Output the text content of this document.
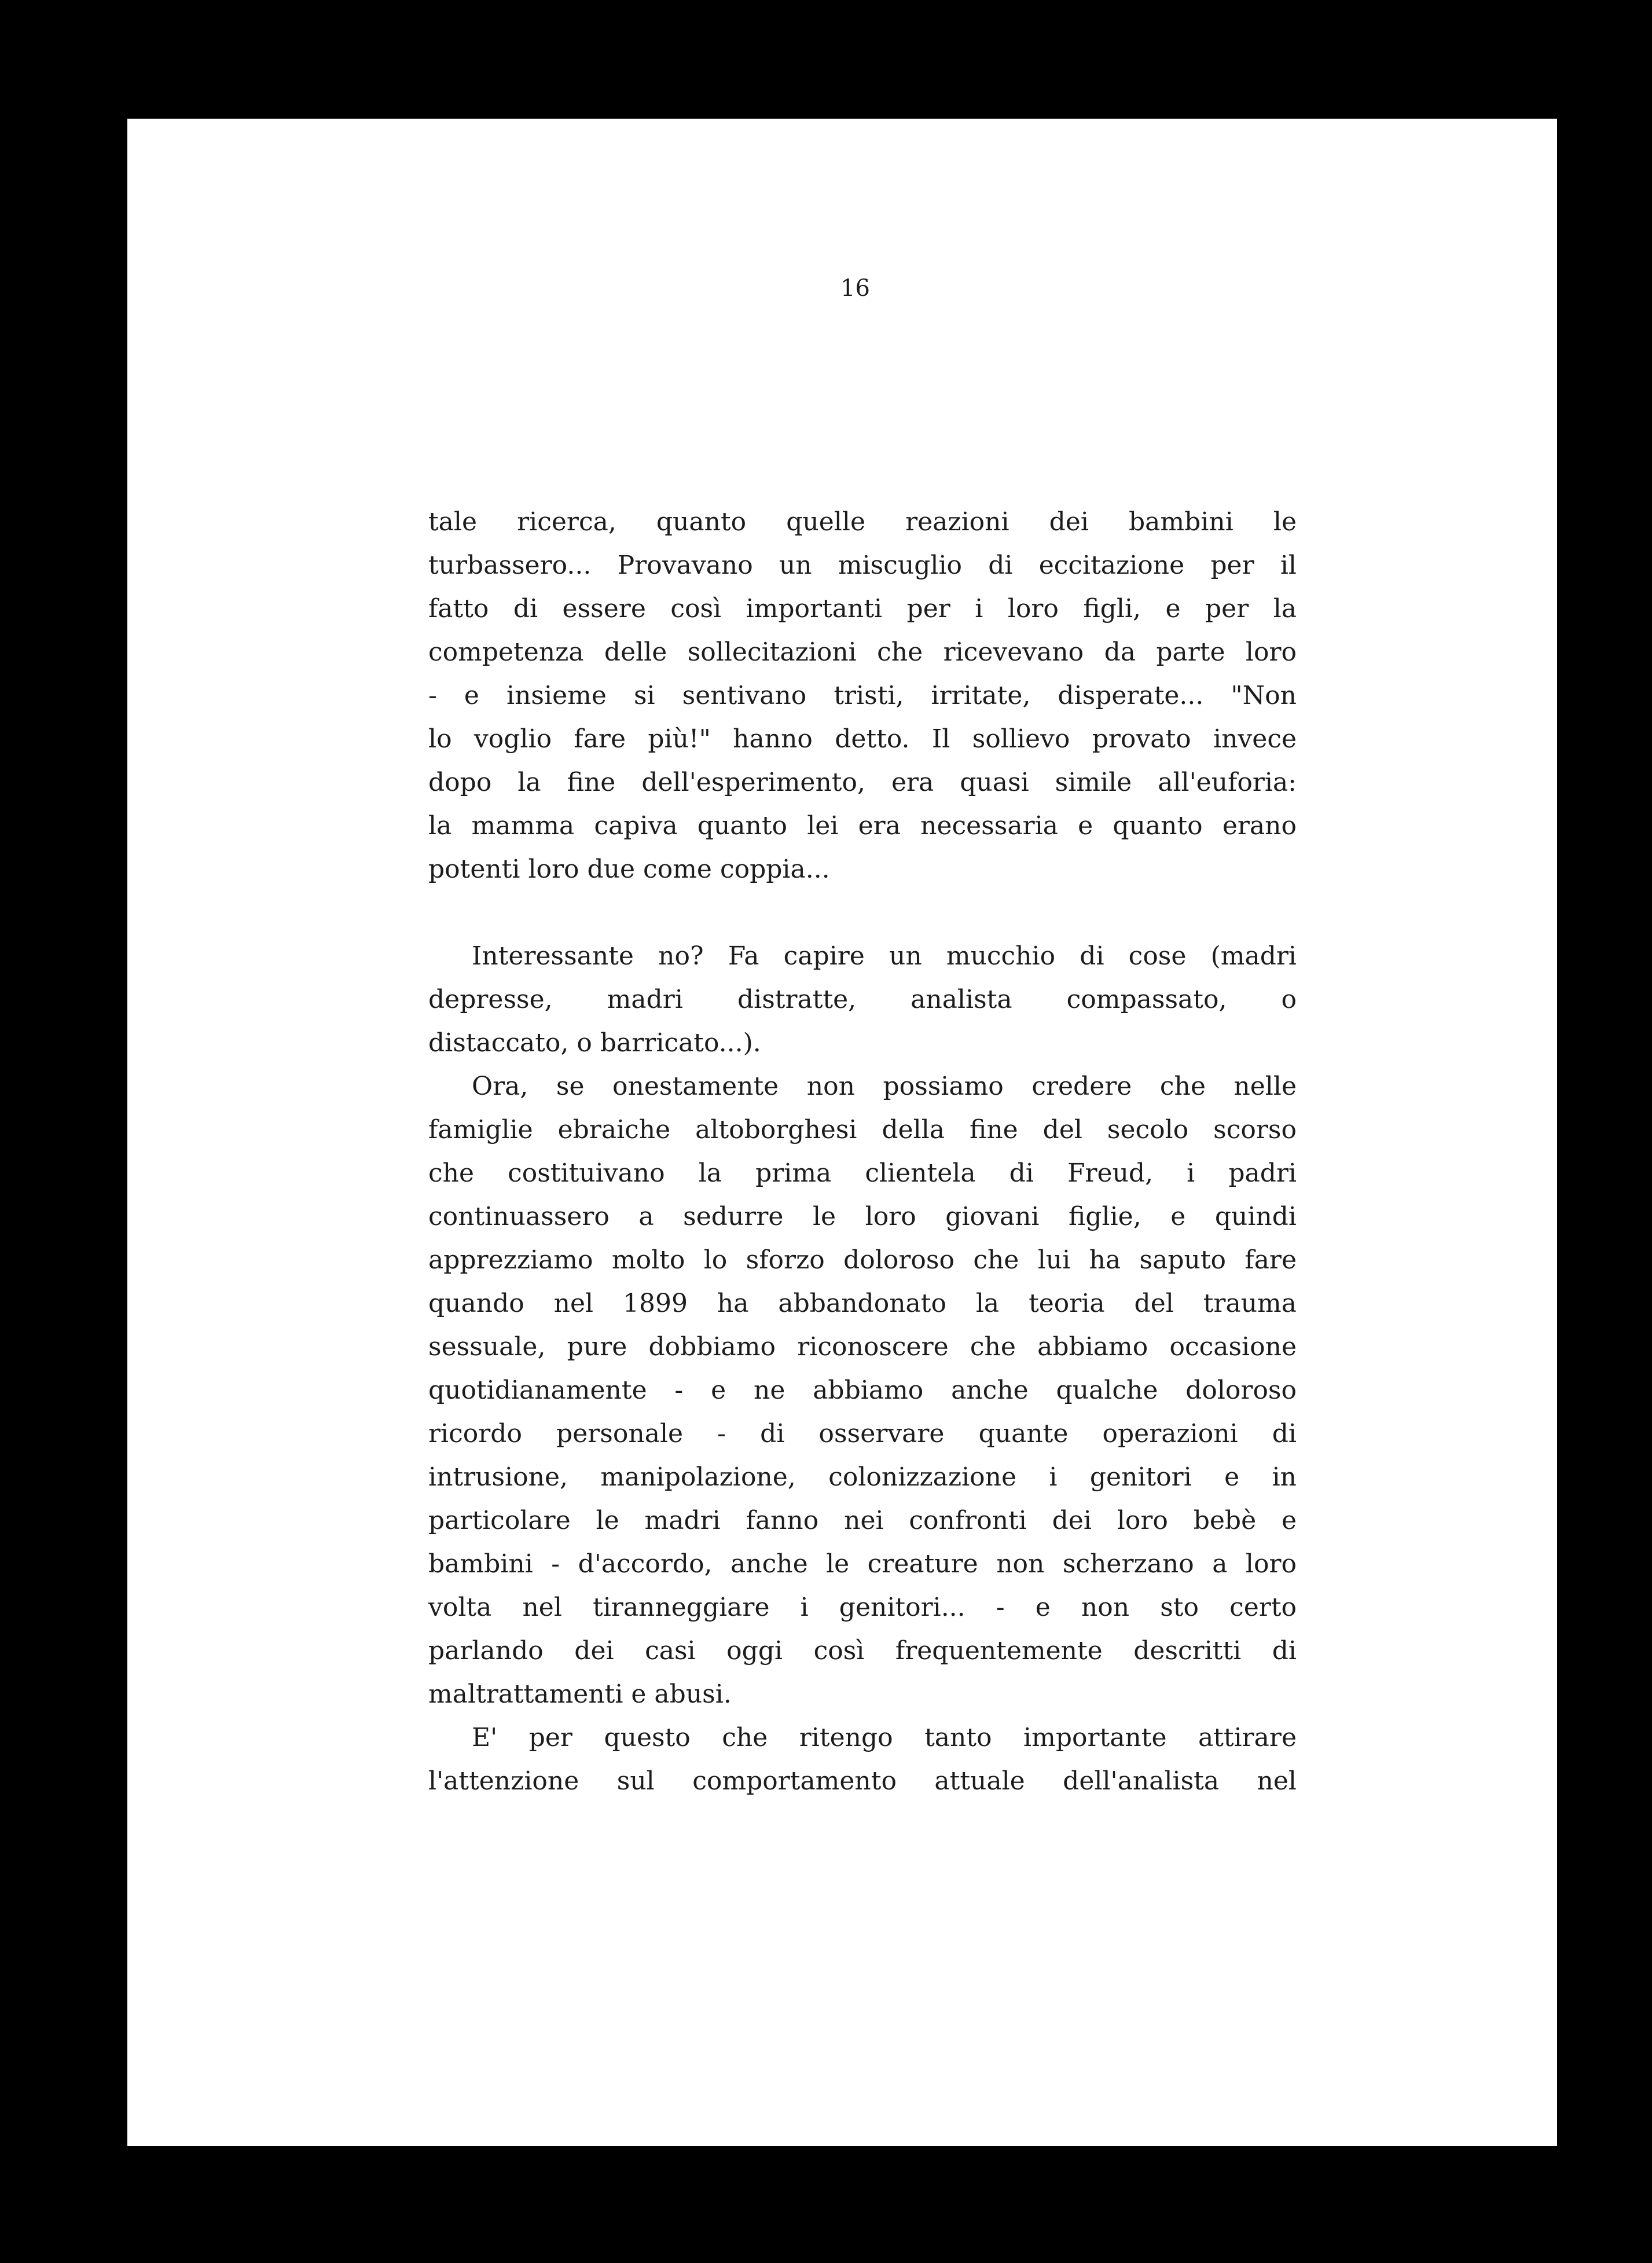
16
tale ricerca, quanto quelle reazioni dei bambini le
turbassero... Provavano un miscuglio di eccitazione per il
fatto di essere così importanti per i loro figli, e per la
competenza delle sollecitazioni che ricevevano da parte loro
- e insieme si sentivano tristi, irritate, disperate... "Non
lo voglio fare più!" hanno detto. Il sollievo provato invece
dopo la fine dell'esperimento, era quasi simile all'euforia:
la mamma capiva quanto lei era necessaria e quanto erano
potenti loro due come coppia...
Interessante no? Fa capire un mucchio di cose (madri
depresse, madri distratte, analista compassato, o
distaccato, o barricato...).
Ora, se onestamente non possiamo credere che nelle
famiglie ebraiche altoborghesi della fine del secolo scorso
che costituivano la prima clientela di Freud, i padri
continuassero a sedurre le loro giovani figlie, e quindi
apprezziamo molto lo sforzo doloroso che lui ha saputo fare
quando nel 1899 ha abbandonato la teoria del trauma
sessuale, pure dobbiamo riconoscere che abbiamo occasione
quotidianamente - e ne abbiamo anche qualche doloroso
ricordo personale - di osservare quante operazioni di
intrusione, manipolazione, colonizzazione i genitori e in
particolare le madri fanno nei confronti dei loro bebè e
bambini - d'accordo, anche le creature non scherzano a loro
volta nel tiranneggiare i genitori... - e non sto certo
parlando dei casi oggi così frequentemente descritti di
maltrattamenti e abusi.
E' per questo che ritengo tanto importante attirare
l'attenzione sul comportamento attuale dell'analista nel
